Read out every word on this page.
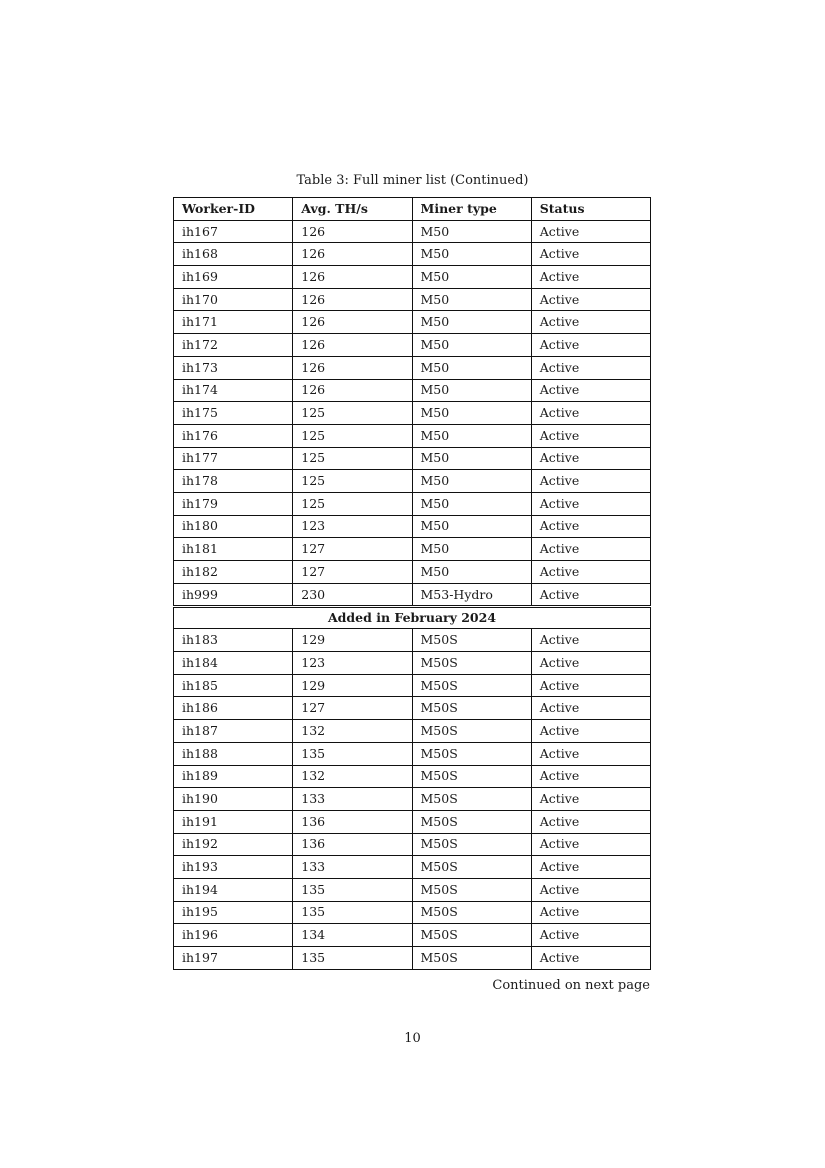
Table 3: Full miner list (Continued)
Worker-ID	Avg. TH/s	Miner type	Status
ih167	126	M50	Active
ih168	126	M50	Active
ih169	126	M50	Active
ih170	126	M50	Active
ih171	126	M50	Active
ih172	126	M50	Active
ih173	126	M50	Active
ih174	126	M50	Active
ih175	125	M50	Active
ih176	125	M50	Active
ih177	125	M50	Active
ih178	125	M50	Active
ih179	125	M50	Active
ih180	123	M50	Active
ih181	127	M50	Active
ih182	127	M50	Active
ih999	230	M53-Hydro	Active

Added in February 2024			
ih183	129	M50S	Active
ih184	123	M50S	Active
ih185	129	M50S	Active
ih186	127	M50S	Active
ih187	132	M50S	Active
ih188	135	M50S	Active
ih189	132	M50S	Active
ih190	133	M50S	Active
ih191	136	M50S	Active
ih192	136	M50S	Active
ih193	133	M50S	Active
ih194	135	M50S	Active
ih195	135	M50S	Active
ih196	134	M50S	Active
ih197	135	M50S	Active
Continued on next page
10
